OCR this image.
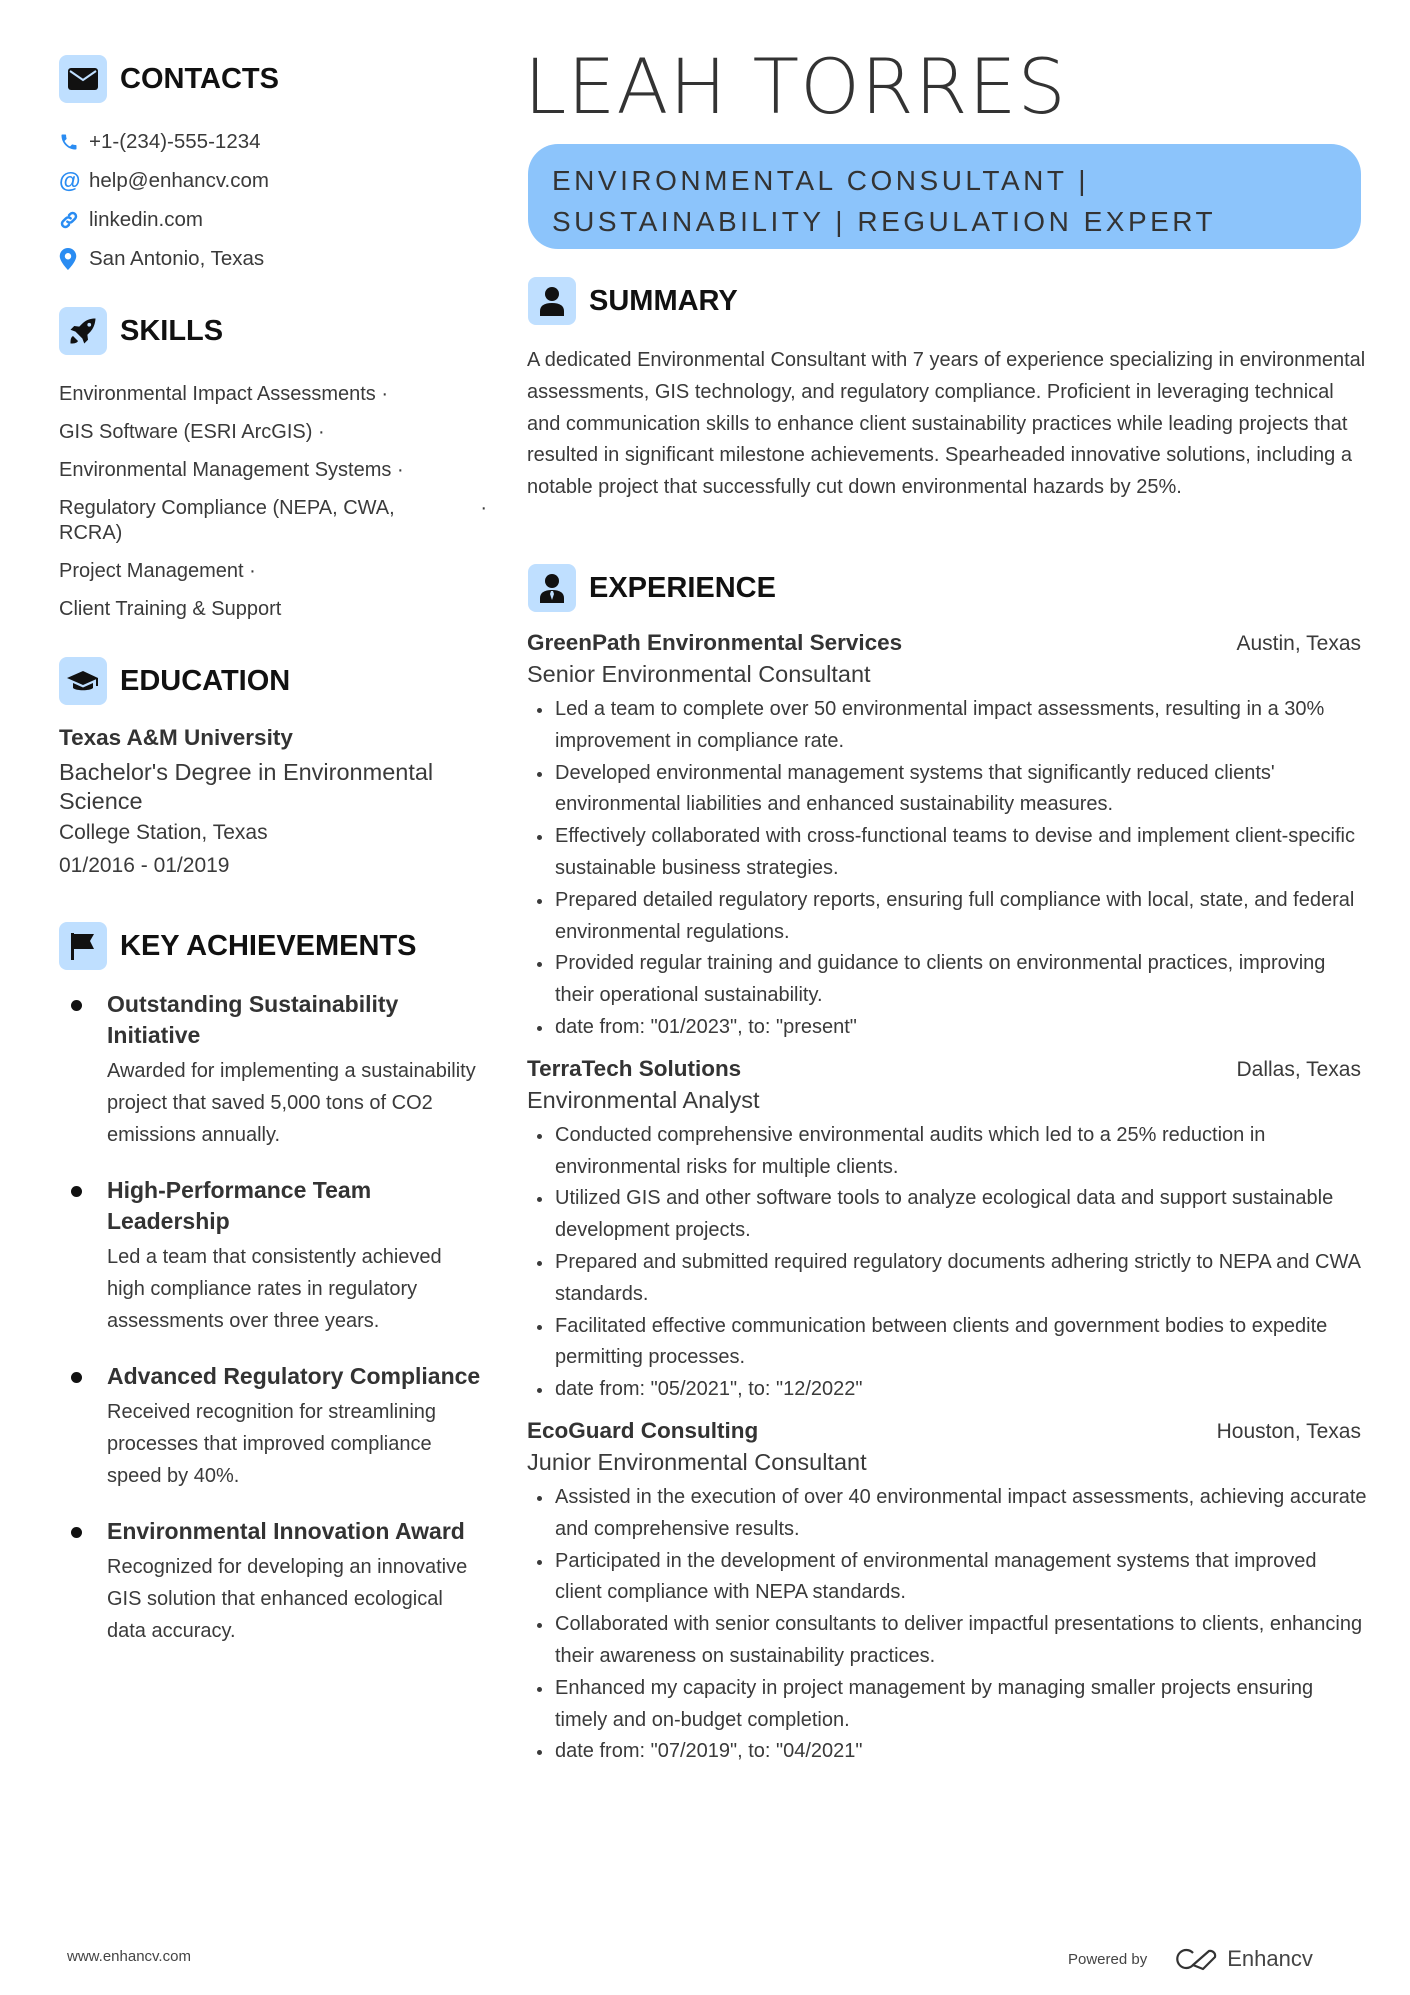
CONTACTS
+1-(234)-555-1234
@ help@enhancv.com
linkedin.com
San Antonio, Texas
SKILLS
Environmental Impact Assessments ·
GIS Software (ESRI ArcGIS) ·
Environmental Management Systems ·
Regulatory Compliance (NEPA, CWA, RCRA)
·
Project Management ·
Client Training & Support
EDUCATION
Texas A&M University
Bachelor's Degree in Environmental Science
College Station, Texas
01/2016 - 01/2019
KEY ACHIEVEMENTS
Outstanding Sustainability Initiative
Awarded for implementing a sustainability project that saved 5,000 tons of CO2 emissions annually.
High-Performance Team Leadership
Led a team that consistently achieved high compliance rates in regulatory assessments over three years.
Advanced Regulatory Compliance
Received recognition for streamlining processes that improved compliance speed by 40%.
Environmental Innovation Award
Recognized for developing an innovative GIS solution that enhanced ecological data accuracy.
LEAH TORRES
ENVIRONMENTAL CONSULTANT |
SUSTAINABILITY | REGULATION EXPERT
SUMMARY
A dedicated Environmental Consultant with 7 years of experience specializing in environmental assessments, GIS technology, and regulatory compliance. Proficient in leveraging technical and communication skills to enhance client sustainability practices while leading projects that resulted in significant milestone achievements. Spearheaded innovative solutions, including a notable project that successfully cut down environmental hazards by 25%.
EXPERIENCE
GreenPath Environmental Services	Austin, Texas
Senior Environmental Consultant
Led a team to complete over 50 environmental impact assessments, resulting in a 30% improvement in compliance rate.
Developed environmental management systems that significantly reduced clients' environmental liabilities and enhanced sustainability measures.
Effectively collaborated with cross-functional teams to devise and implement client-specific sustainable business strategies.
Prepared detailed regulatory reports, ensuring full compliance with local, state, and federal environmental regulations.
Provided regular training and guidance to clients on environmental practices, improving their operational sustainability.
date from: "01/2023", to: "present"
TerraTech Solutions	Dallas, Texas
Environmental Analyst
Conducted comprehensive environmental audits which led to a 25% reduction in environmental risks for multiple clients.
Utilized GIS and other software tools to analyze ecological data and support sustainable development projects.
Prepared and submitted required regulatory documents adhering strictly to NEPA and CWA standards.
Facilitated effective communication between clients and government bodies to expedite permitting processes.
date from: "05/2021", to: "12/2022"
EcoGuard Consulting	Houston, Texas
Junior Environmental Consultant
Assisted in the execution of over 40 environmental impact assessments, achieving accurate and comprehensive results.
Participated in the development of environmental management systems that improved client compliance with NEPA standards.
Collaborated with senior consultants to deliver impactful presentations to clients, enhancing their awareness on sustainability practices.
Enhanced my capacity in project management by managing smaller projects ensuring timely and on-budget completion.
date from: "07/2019", to: "04/2021"
www.enhancv.com	Powered by	Enhancv
